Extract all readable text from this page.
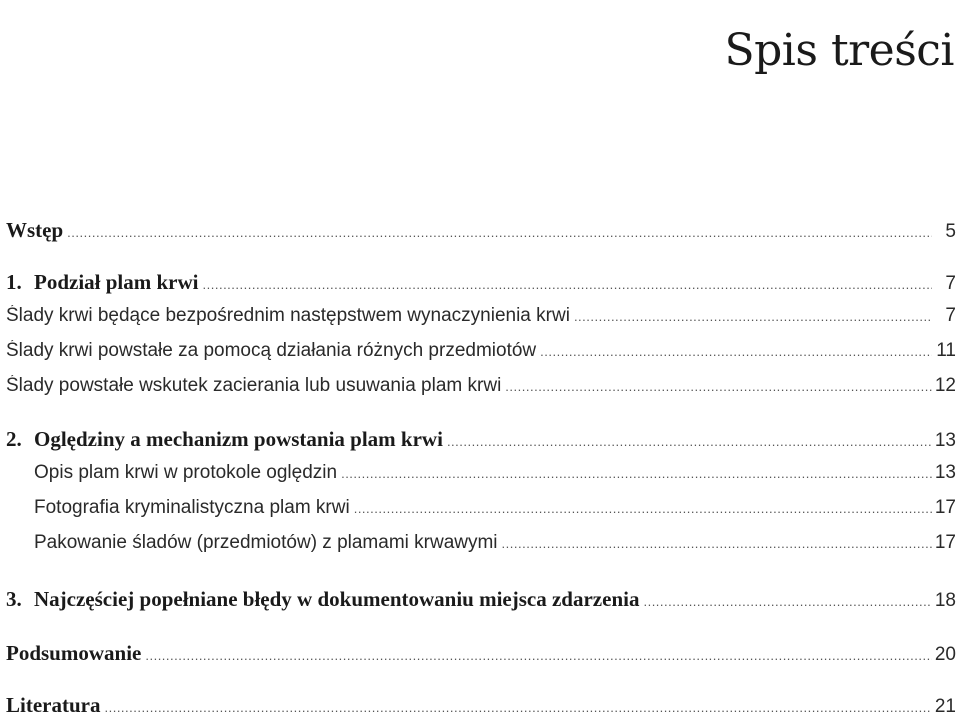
Spis treści
Wstęp .....	5
1. Podział plam krwi .....	7
Ślady krwi będące bezpośrednim następstwem wynaczynienia krwi .....	7
Ślady krwi powstałe za pomocą działania różnych przedmiotów .....	11
Ślady powstałe wskutek zacierania lub usuwania plam krwi .....	12
2. Oględziny a mechanizm powstania plam krwi .....	13
Opis plam krwi w protokole oględzin .....	13
Fotografia kryminalistyczna plam krwi .....	17
Pakowanie śladów (przedmiotów) z plamami krwawymi .....	17
3. Najczęściej popełniane błędy w dokumentowaniu miejsca zdarzenia .....	18
Podsumowanie .....	20
Literatura .....	21
